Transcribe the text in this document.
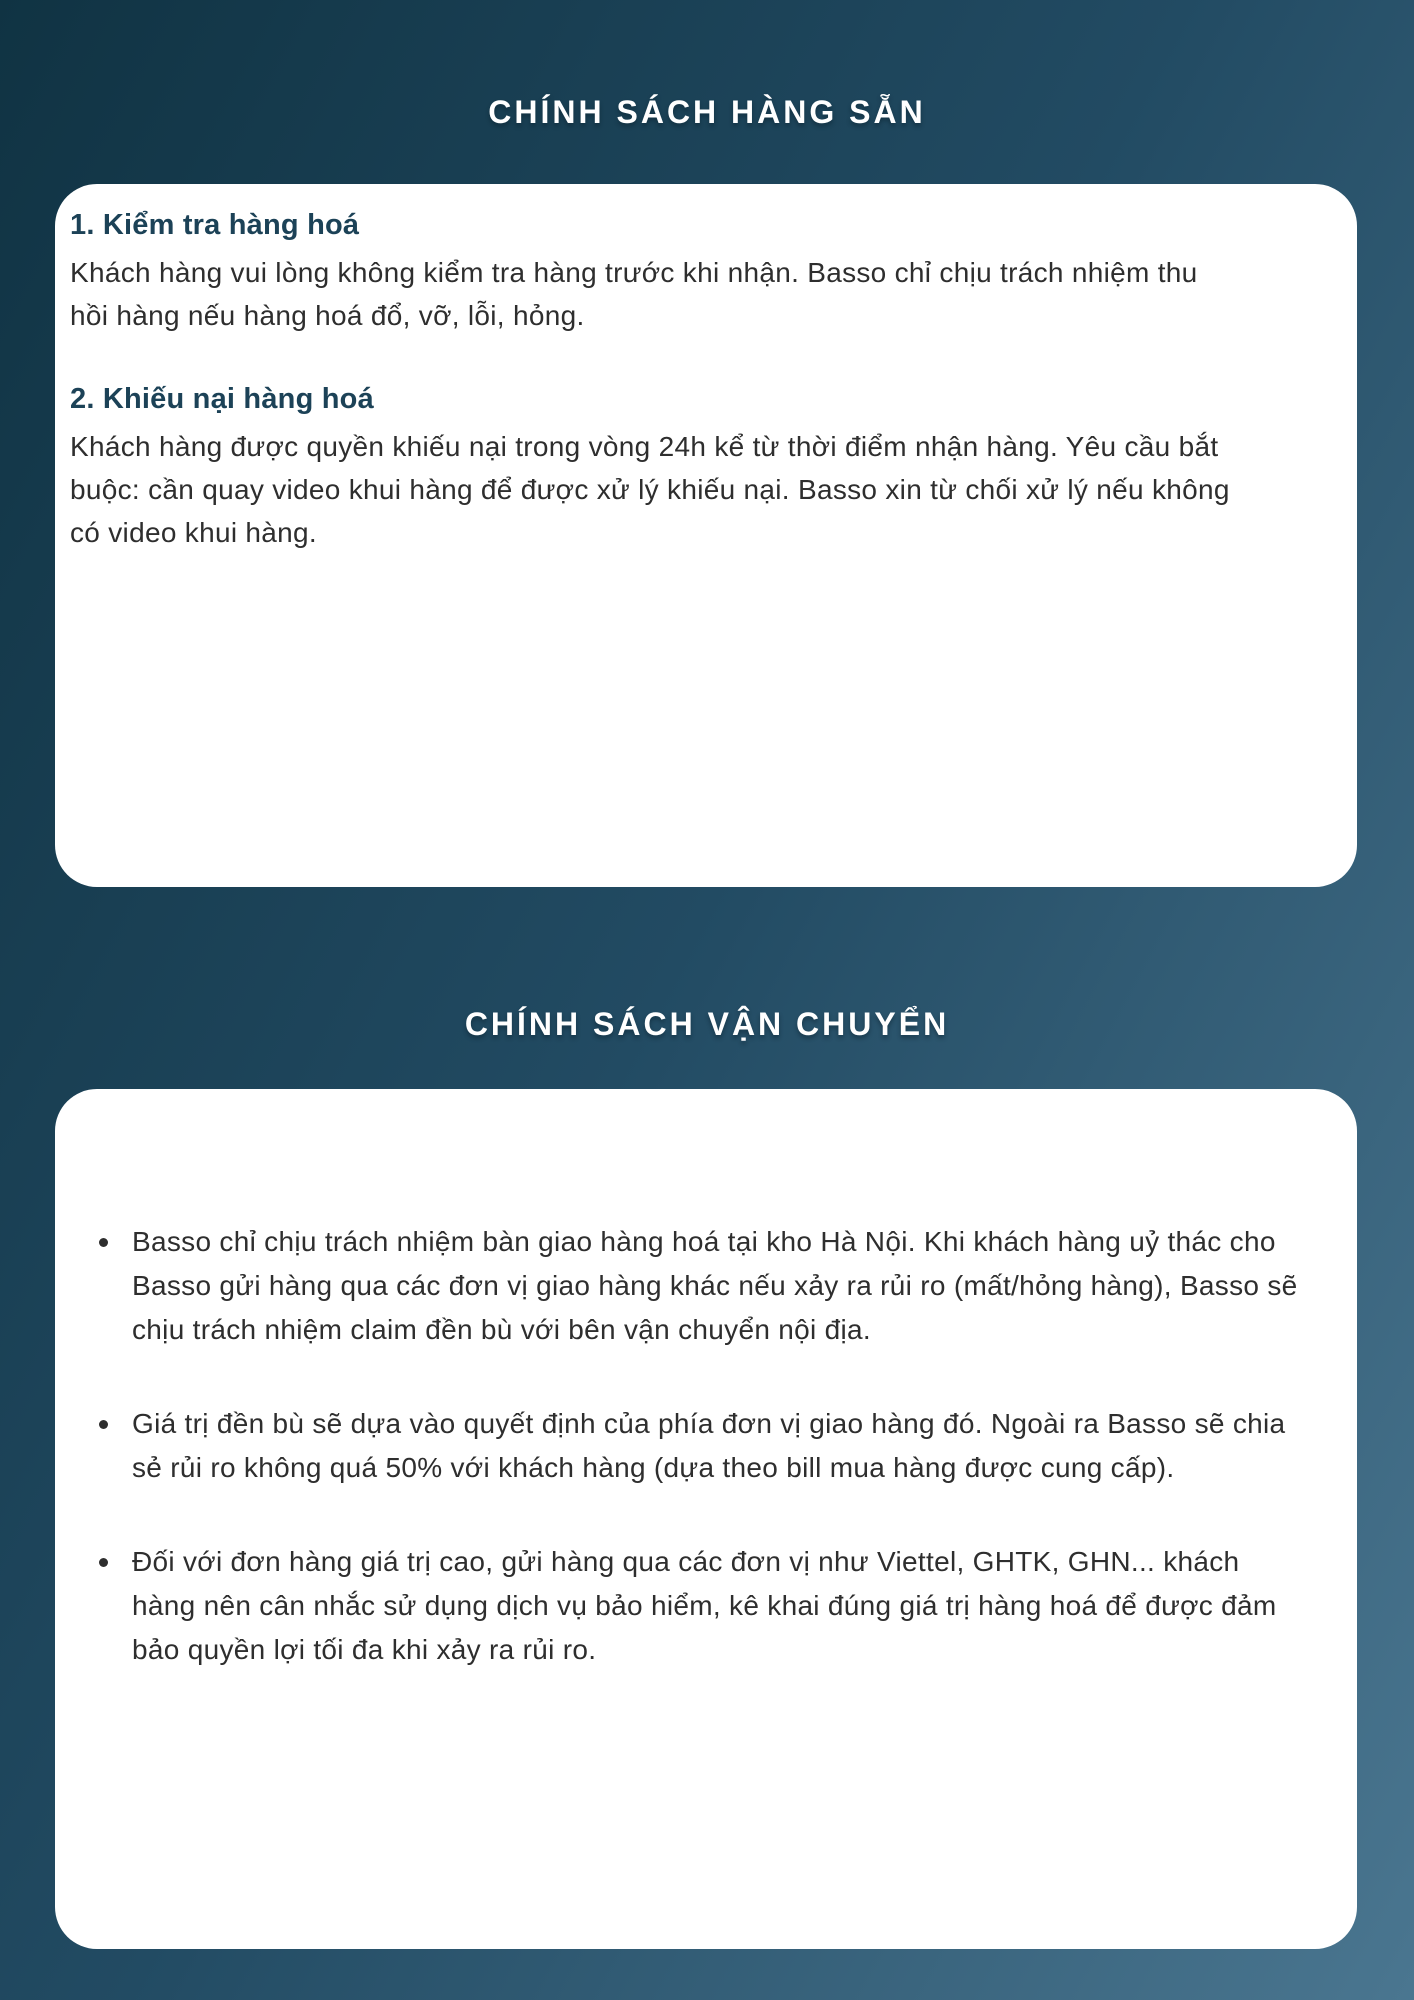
CHÍNH SÁCH HÀNG SẴN
1. Kiểm tra hàng hoá

Khách hàng vui lòng không kiểm tra hàng trước khi nhận. Basso chỉ chịu trách nhiệm thu hồi hàng nếu hàng hoá đổ, vỡ, lỗi, hỏng.

2. Khiếu nại hàng hoá

Khách hàng được quyền khiếu nại trong vòng 24h kể từ thời điểm nhận hàng. Yêu cầu bắt buộc: cần quay video khui hàng để được xử lý khiếu nại. Basso xin từ chối xử lý nếu không có video khui hàng.

CHÍNH SÁCH VẬN CHUYỂN
Basso chỉ chịu trách nhiệm bàn giao hàng hoá tại kho Hà Nội. Khi khách hàng uỷ thác cho Basso gửi hàng qua các đơn vị giao hàng khác nếu xảy ra rủi ro (mất/hỏng hàng), Basso sẽ chịu trách nhiệm claim đền bù với bên vận chuyển nội địa.
Giá trị đền bù sẽ dựa vào quyết định của phía đơn vị giao hàng đó. Ngoài ra Basso sẽ chia sẻ rủi ro không quá 50% với khách hàng (dựa theo bill mua hàng được cung cấp).
Đối với đơn hàng giá trị cao, gửi hàng qua các đơn vị như Viettel, GHTK, GHN... khách hàng nên cân nhắc sử dụng dịch vụ bảo hiểm, kê khai đúng giá trị hàng hoá để được đảm bảo quyền lợi tối đa khi xảy ra rủi ro.
